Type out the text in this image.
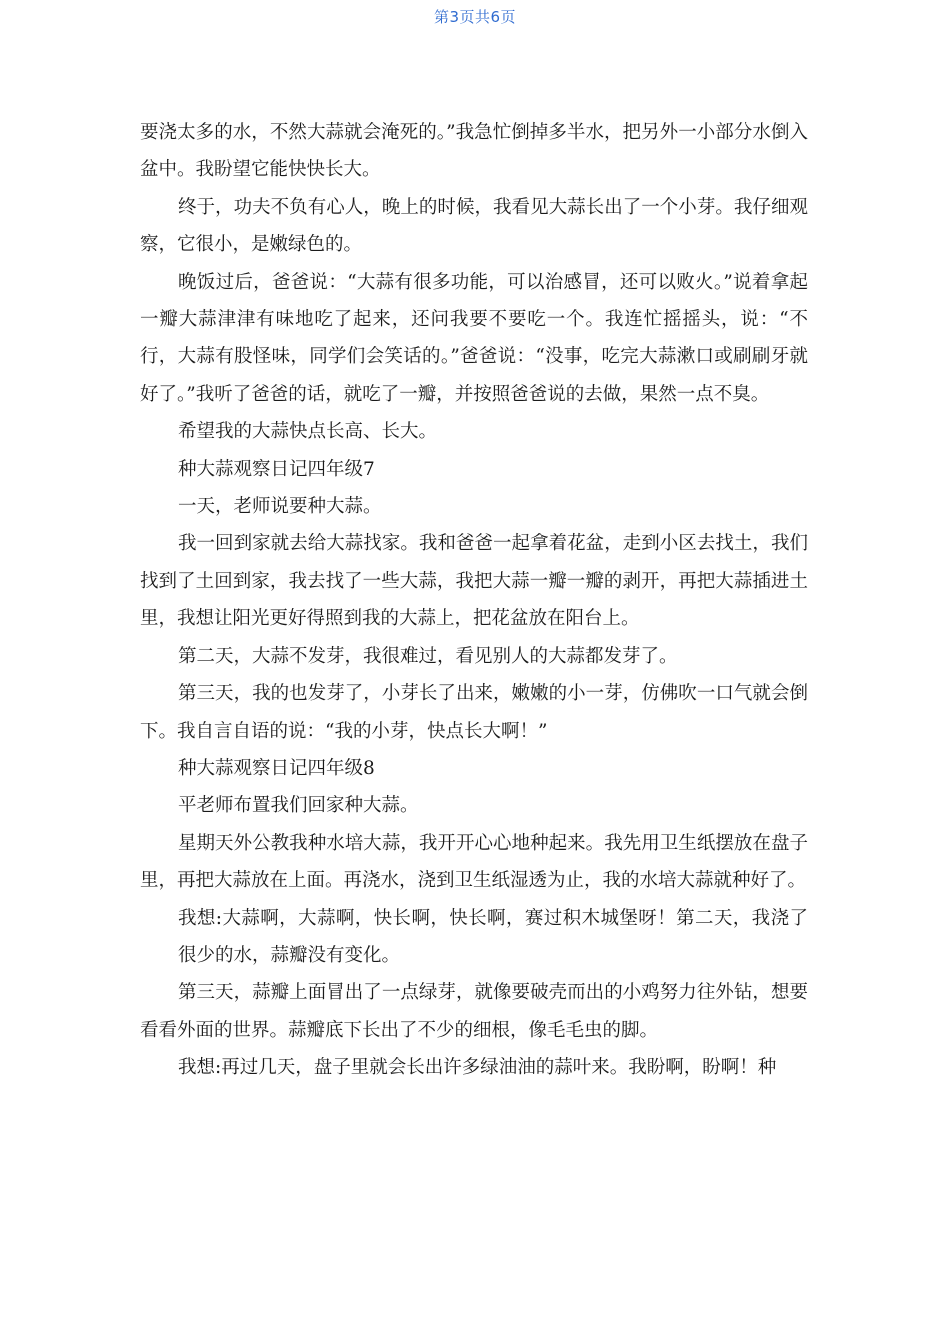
第3页共6页

要浇太多的水，不然大蒜就会淹死的。”我急忙倒掉多半水，把另外一小部分水倒入盆中。我盼望它能快快长大。

终于，功夫不负有心人，晚上的时候，我看见大蒜长出了一个小芽。我仔细观察，它很小，是嫩绿色的。

晚饭过后，爸爸说：“大蒜有很多功能，可以治感冒，还可以败火。”说着拿起一瓣大蒜津津有味地吃了起来，还问我要不要吃一个。我连忙摇摇头，说：“不行，大蒜有股怪味，同学们会笑话的。”爸爸说：“没事，吃完大蒜漱口或刷刷牙就好了。”我听了爸爸的话，就吃了一瓣，并按照爸爸说的去做，果然一点不臭。

希望我的大蒜快点长高、长大。

种大蒜观察日记四年级7

一天，老师说要种大蒜。

我一回到家就去给大蒜找家。我和爸爸一起拿着花盆，走到小区去找土，我们找到了土回到家，我去找了一些大蒜，我把大蒜一瓣一瓣的剥开，再把大蒜插进土里，我想让阳光更好得照到我的大蒜上，把花盆放在阳台上。

第二天，大蒜不发芽，我很难过，看见别人的大蒜都发芽了。

第三天，我的也发芽了，小芽长了出来，嫩嫩的小一芽，仿佛吹一口气就会倒下。我自言自语的说：“我的小芽，快点长大啊！”

种大蒜观察日记四年级8

平老师布置我们回家种大蒜。

星期天外公教我种水培大蒜，我开开心心地种起来。我先用卫生纸摆放在盘子里，再把大蒜放在上面。再浇水，浇到卫生纸湿透为止，我的水培大蒜就种好了。

我想:大蒜啊，大蒜啊，快长啊，快长啊，赛过积木城堡呀！第二天，我浇了很少的水，蒜瓣没有变化。

第三天，蒜瓣上面冒出了一点绿芽，就像要破壳而出的小鸡努力往外钻，想要看看外面的世界。蒜瓣底下长出了不少的细根，像毛毛虫的脚。

我想:再过几天，盘子里就会长出许多绿油油的蒜叶来。我盼啊，盼啊！种
